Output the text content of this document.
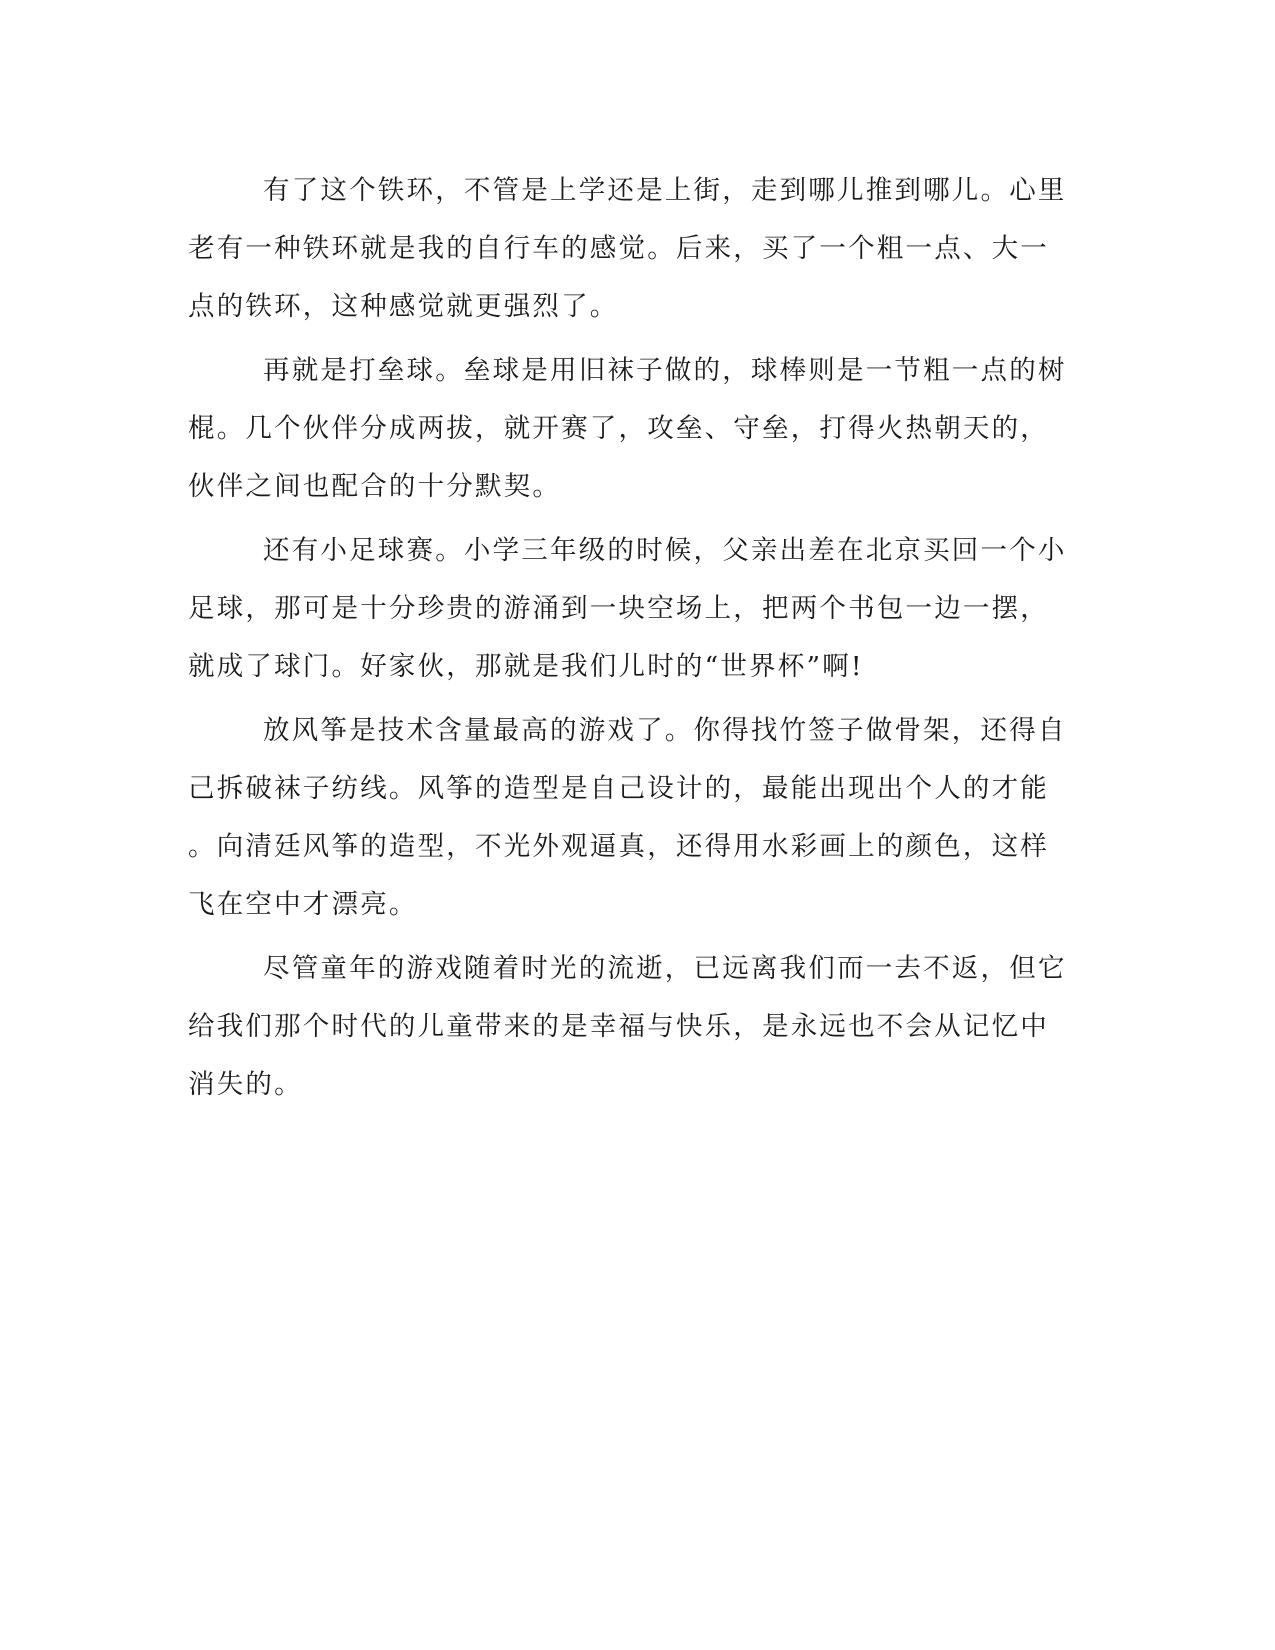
有了这个铁环，不管是上学还是上街，走到哪儿推到哪儿。心里
老有一种铁环就是我的自行车的感觉。后来，买了一个粗一点、大一
点的铁环，这种感觉就更强烈了。
再就是打垒球。垒球是用旧袜子做的，球棒则是一节粗一点的树
棍。几个伙伴分成两拔，就开赛了，攻垒、守垒，打得火热朝天的，
伙伴之间也配合的十分默契。
还有小足球赛。小学三年级的时候，父亲出差在北京买回一个小
足球，那可是十分珍贵的游涌到一块空场上，把两个书包一边一摆，
就成了球门。好家伙，那就是我们儿时的“世界杯”啊!
放风筝是技术含量最高的游戏了。你得找竹签子做骨架，还得自
己拆破袜子纺线。风筝的造型是自己设计的，最能出现出个人的才能
。向清廷风筝的造型，不光外观逼真，还得用水彩画上的颜色，这样
飞在空中才漂亮。
尽管童年的游戏随着时光的流逝，已远离我们而一去不返，但它
给我们那个时代的儿童带来的是幸福与快乐，是永远也不会从记忆中
消失的。
